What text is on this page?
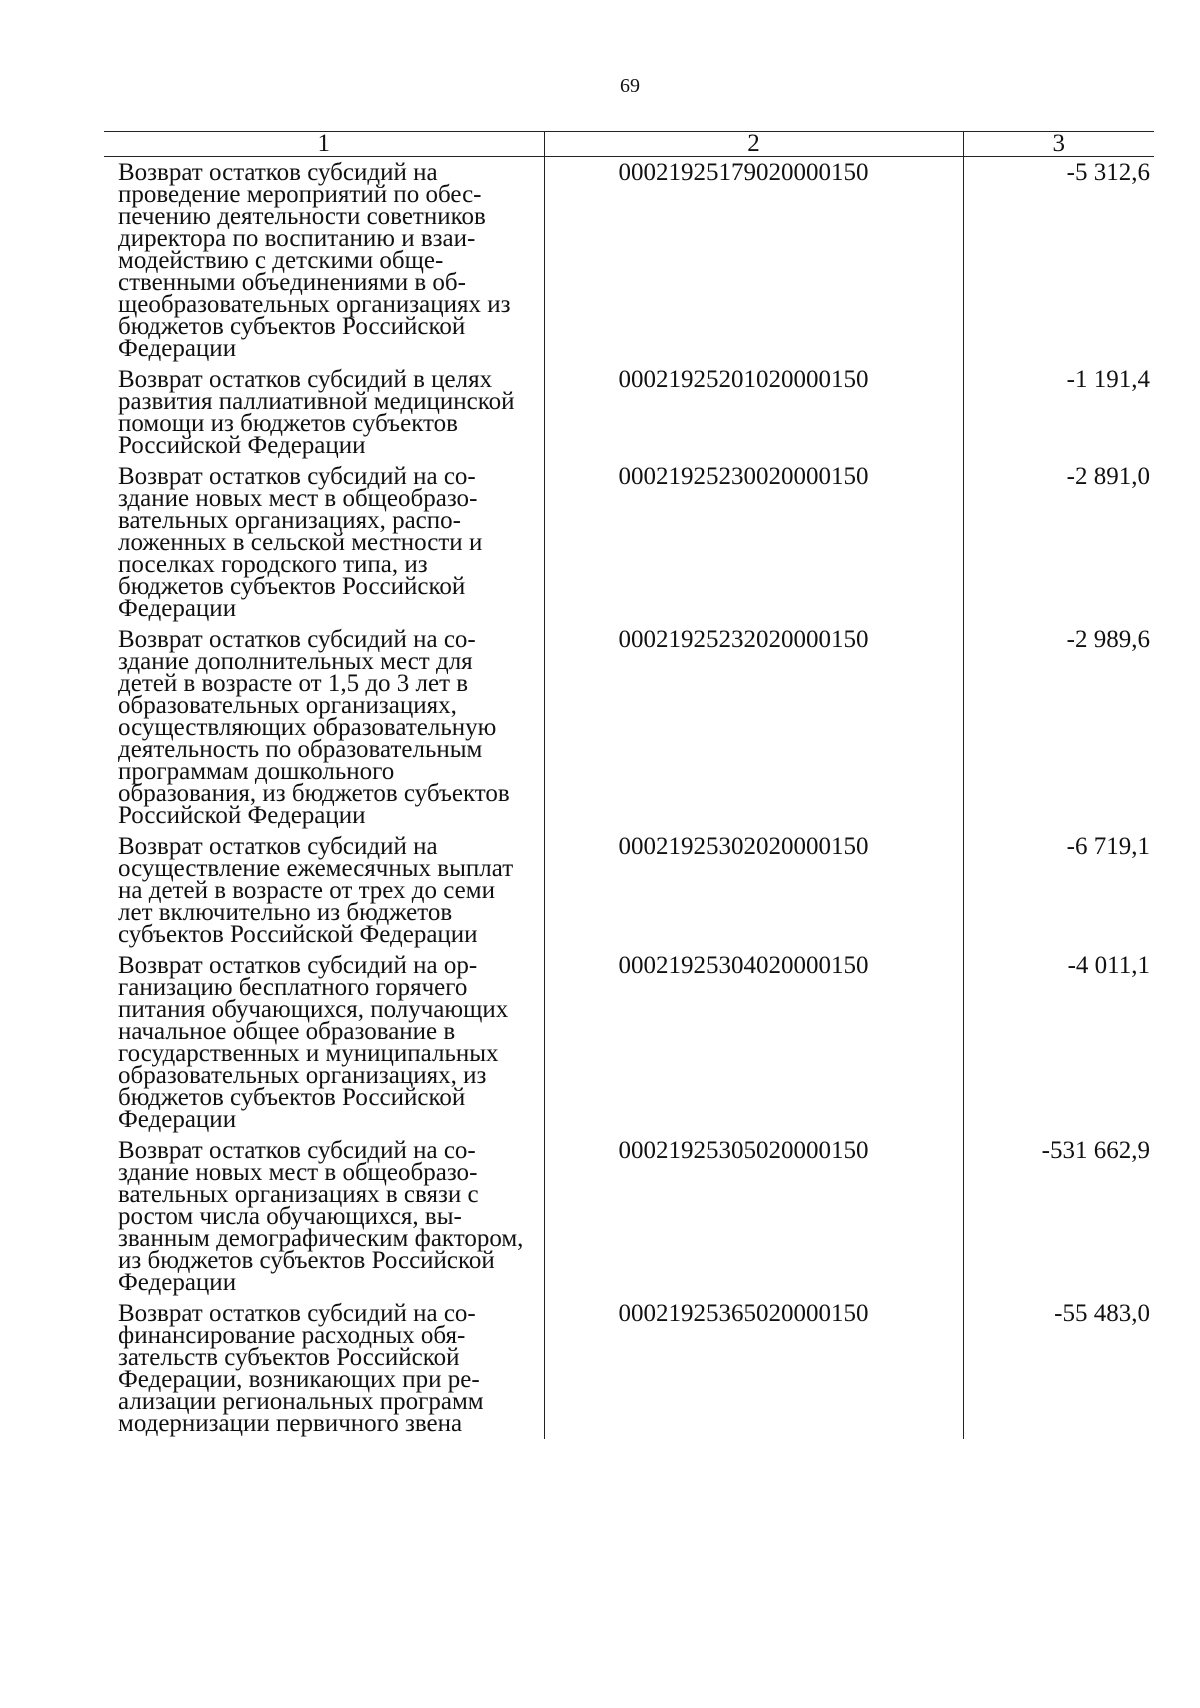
69
1	2	3
Возврат остатков субсидий на проведение мероприятий по обеспечению деятельности советников директора по воспитанию и взаимодействию с детскими общественными объединениями в общеобразовательных организациях из бюджетов субъектов Российской Федерации	00021925179020000150	-5 312,6
Возврат остатков субсидий в целях развития паллиативной медицинской помощи из бюджетов субъектов Российской Федерации	00021925201020000150	-1 191,4
Возврат остатков субсидий на создание новых мест в общеобразовательных организациях, расположенных в сельской местности и поселках городского типа, из бюджетов субъектов Российской Федерации	00021925230020000150	-2 891,0
Возврат остатков субсидий на создание дополнительных мест для детей в возрасте от 1,5 до 3 лет в образовательных организациях, осуществляющих образовательную деятельность по образовательным программам дошкольного образования, из бюджетов субъектов Российской Федерации	00021925232020000150	-2 989,6
Возврат остатков субсидий на осуществление ежемесячных выплат на детей в возрасте от трех до семи лет включительно из бюджетов субъектов Российской Федерации	00021925302020000150	-6 719,1
Возврат остатков субсидий на организацию бесплатного горячего питания обучающихся, получающих начальное общее образование в государственных и муниципальных образовательных организациях, из бюджетов субъектов Российской Федерации	00021925304020000150	-4 011,1
Возврат остатков субсидий на создание новых мест в общеобразовательных организациях в связи с ростом числа обучающихся, вызванным демографическим фактором, из бюджетов субъектов Российской Федерации	00021925305020000150	-531 662,9
Возврат остатков субсидий на софинансирование расходных обязательств субъектов Российской Федерации, возникающих при реализации региональных программ модернизации первичного звена	00021925365020000150	-55 483,0
